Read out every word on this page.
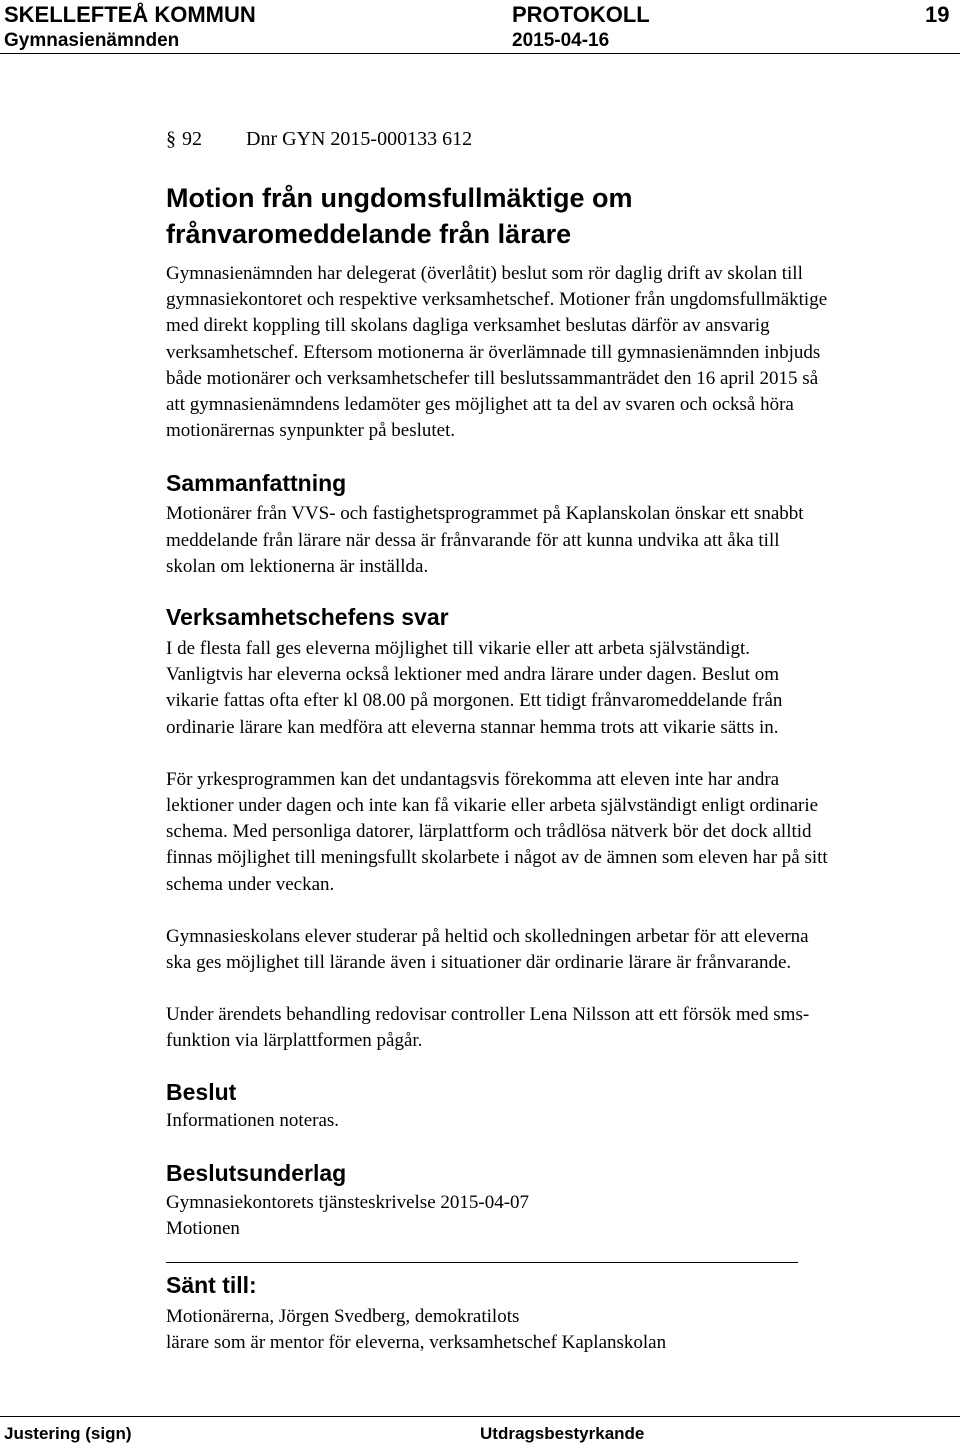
SKELLEFTEÅ KOMMUN
Gymnasienämnden
PROTOKOLL
2015-04-16
19
§ 92 Dnr GYN 2015-000133 612
Motion från ungdomsfullmäktige om
frånvaromeddelande från lärare
Gymnasienämnden har delegerat (överlåtit) beslut som rör daglig drift av skolan till
gymnasiekontoret och respektive verksamhetschef. Motioner från ungdomsfullmäktige
med direkt koppling till skolans dagliga verksamhet beslutas därför av ansvarig
verksamhetschef. Eftersom motionerna är överlämnade till gymnasienämnden inbjuds
både motionärer och verksamhetschefer till beslutssammanträdet den 16 april 2015 så
att gymnasienämndens ledamöter ges möjlighet att ta del av svaren och också höra
motionärernas synpunkter på beslutet.
Sammanfattning
Motionärer från VVS- och fastighetsprogrammet på Kaplanskolan önskar ett snabbt
meddelande från lärare när dessa är frånvarande för att kunna undvika att åka till
skolan om lektionerna är inställda.
Verksamhetschefens svar
I de flesta fall ges eleverna möjlighet till vikarie eller att arbeta självständigt.
Vanligtvis har eleverna också lektioner med andra lärare under dagen. Beslut om
vikarie fattas ofta efter kl 08.00 på morgonen. Ett tidigt frånvaromeddelande från
ordinarie lärare kan medföra att eleverna stannar hemma trots att vikarie sätts in.
För yrkesprogrammen kan det undantagsvis förekomma att eleven inte har andra
lektioner under dagen och inte kan få vikarie eller arbeta självständigt enligt ordinarie
schema. Med personliga datorer, lärplattform och trådlösa nätverk bör det dock alltid
finnas möjlighet till meningsfullt skolarbete i något av de ämnen som eleven har på sitt
schema under veckan.
Gymnasieskolans elever studerar på heltid och skolledningen arbetar för att eleverna
ska ges möjlighet till lärande även i situationer där ordinarie lärare är frånvarande.
Under ärendets behandling redovisar controller Lena Nilsson att ett försök med sms-
funktion via lärplattformen pågår.
Beslut
Informationen noteras.
Beslutsunderlag
Gymnasiekontorets tjänsteskrivelse 2015-04-07
Motionen
Sänt till:
Motionärerna, Jörgen Svedberg, demokratilots
lärare som är mentor för eleverna, verksamhetschef Kaplanskolan
Justering (sign)	Utdragsbestyrkande
